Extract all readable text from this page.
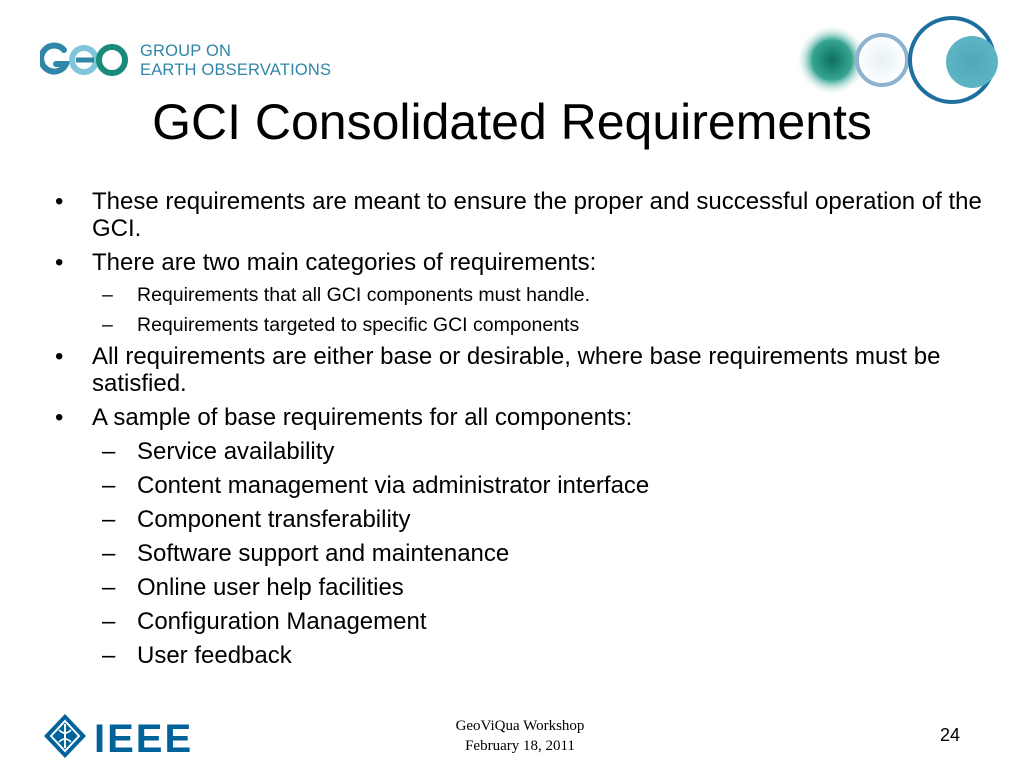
GROUP ON
EARTH OBSERVATIONS
GCI Consolidated Requirements
• These requirements are meant to ensure the proper and successful operation of the GCI.
• There are two main categories of requirements:
– Requirements that all GCI components must handle.
– Requirements targeted to specific GCI components
• All requirements are either base or desirable, where base requirements must be satisfied.
• A sample of base requirements for all components:
– Service availability
– Content management via administrator interface
– Component transferability
– Software support and maintenance
– Online user help facilities
– Configuration Management
– User feedback
IEEE	GeoViQua Workshop
February 18, 2011
24
